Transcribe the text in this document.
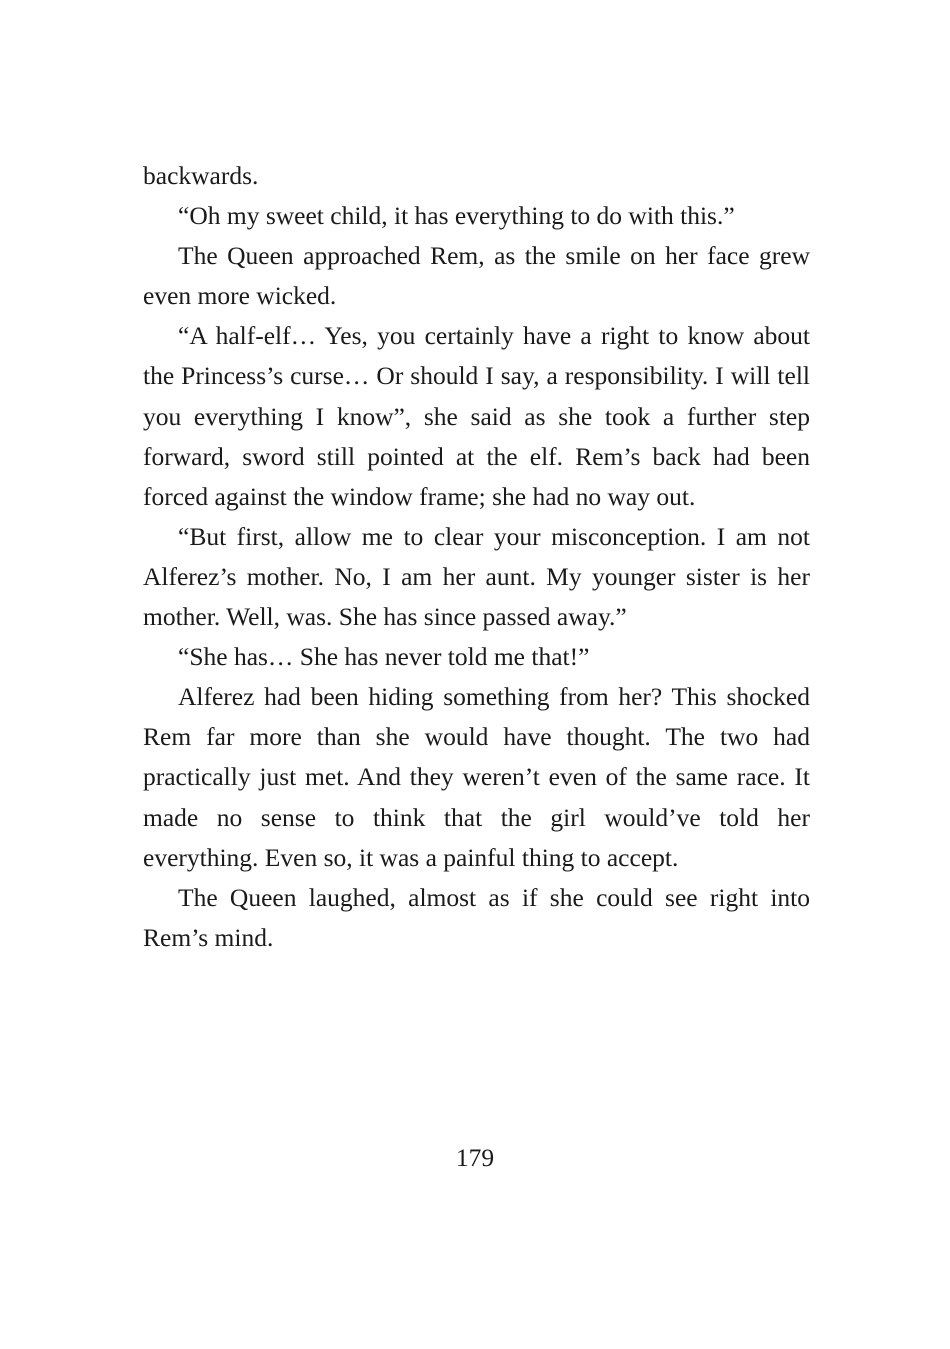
backwards.

“Oh my sweet child, it has everything to do with this.”

The Queen approached Rem, as the smile on her face grew even more wicked.

“A half-elf… Yes, you certainly have a right to know about the Princess’s curse… Or should I say, a responsibility. I will tell you everything I know”, she said as she took a further step forward, sword still pointed at the elf. Rem’s back had been forced against the window frame; she had no way out.

“But first, allow me to clear your misconception. I am not Alferez’s mother. No, I am her aunt. My younger sister is her mother. Well, was. She has since passed away.”

“She has… She has never told me that!”

Alferez had been hiding something from her? This shocked Rem far more than she would have thought. The two had practically just met. And they weren’t even of the same race. It made no sense to think that the girl would’ve told her everything. Even so, it was a painful thing to accept.

The Queen laughed, almost as if she could see right into Rem’s mind.

179
